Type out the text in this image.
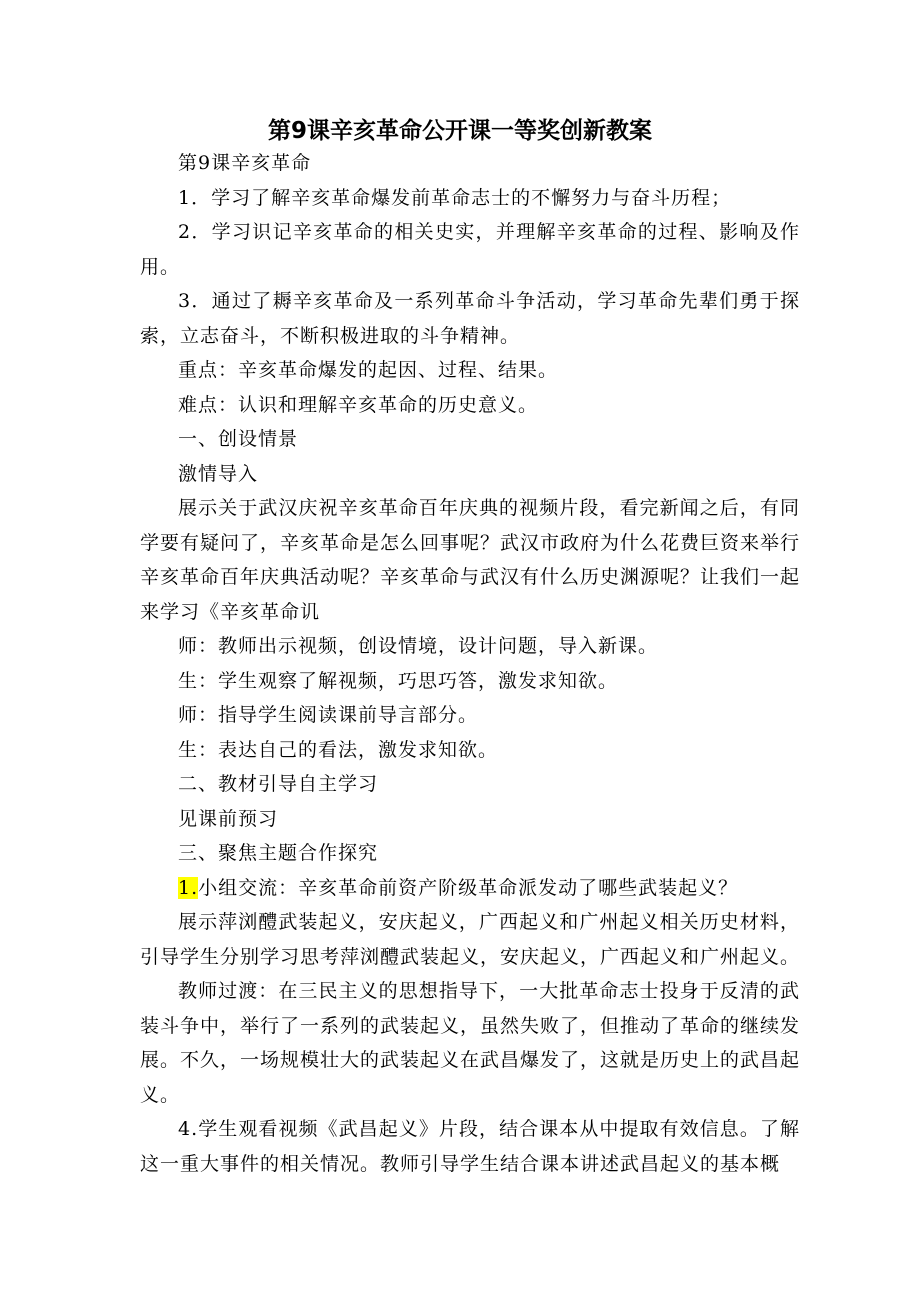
第9课辛亥革命公开课一等奖创新教案

第9课辛亥革命

1．学习了解辛亥革命爆发前革命志士的不懈努力与奋斗历程；

2．学习识记辛亥革命的相关史实，并理解辛亥革命的过程、影响及作用。

3．通过了耨辛亥革命及一系列革命斗争活动，学习革命先辈们勇于探索，立志奋斗，不断积极进取的斗争精神。

重点：辛亥革命爆发的起因、过程、结果。

难点：认识和理解辛亥革命的历史意义。

一、创设情景

激情导入

展示关于武汉庆祝辛亥革命百年庆典的视频片段，看完新闻之后，有同学要有疑问了，辛亥革命是怎么回事呢？武汉市政府为什么花费巨资来举行辛亥革命百年庆典活动呢？辛亥革命与武汉有什么历史渊源呢？让我们一起来学习《辛亥革命讥

师：教师出示视频，创设情境，设计问题，导入新课。

生：学生观察了解视频，巧思巧答，激发求知欲。

师：指导学生阅读课前导言部分。

生：表达自己的看法，激发求知欲。

二、教材引导自主学习

见课前预习

三、聚焦主题合作探究

1.小组交流：辛亥革命前资产阶级革命派发动了哪些武装起义？

展示萍浏醴武装起义，安庆起义，广西起义和广州起义相关历史材料，引导学生分别学习思考萍浏醴武装起义，安庆起义，广西起义和广州起义。

教师过渡：在三民主义的思想指导下，一大批革命志士投身于反清的武装斗争中，举行了一系列的武装起义，虽然失败了，但推动了革命的继续发展。不久，一场规模壮大的武装起义在武昌爆发了，这就是历史上的武昌起义。

4.学生观看视频《武昌起义》片段，结合课本从中提取有效信息。了解这一重大事件的相关情况。教师引导学生结合课本讲述武昌起义的基本概
